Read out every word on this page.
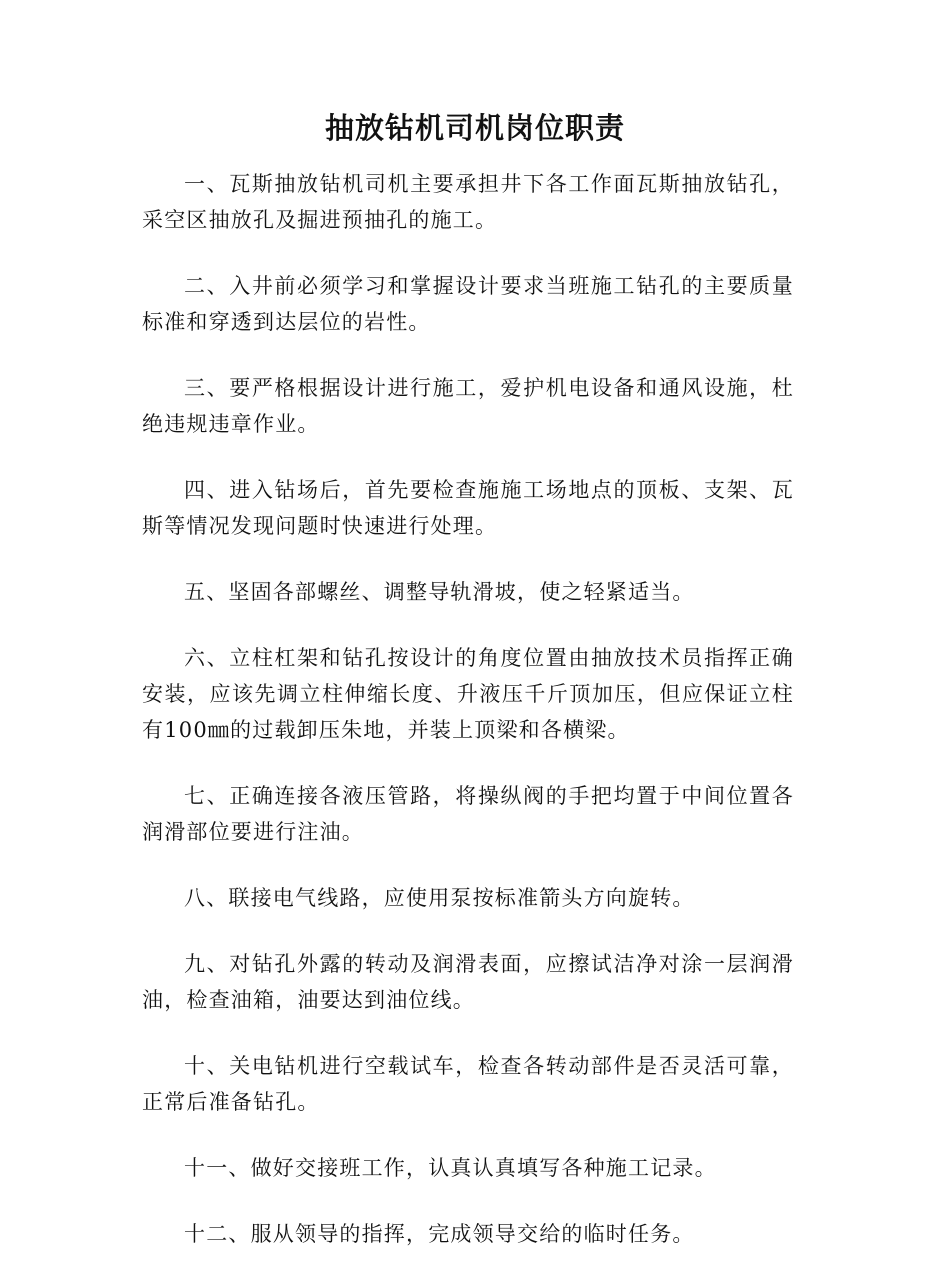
抽放钻机司机岗位职责

一、瓦斯抽放钻机司机主要承担井下各工作面瓦斯抽放钻孔，采空区抽放孔及掘进预抽孔的施工。

二、入井前必须学习和掌握设计要求当班施工钻孔的主要质量标准和穿透到达层位的岩性。

三、要严格根据设计进行施工，爱护机电设备和通风设施，杜绝违规违章作业。

四、进入钻场后，首先要检查施施工场地点的顶板、支架、瓦斯等情况发现问题时快速进行处理。

五、坚固各部螺丝、调整导轨滑坡，使之轻紧适当。

六、立柱杠架和钻孔按设计的角度位置由抽放技术员指挥正确安装，应该先调立柱伸缩长度、升液压千斤顶加压，但应保证立柱有100㎜的过载卸压朱地，并装上顶梁和各横梁。

七、正确连接各液压管路，将操纵阀的手把均置于中间位置各润滑部位要进行注油。

八、联接电气线路，应使用泵按标准箭头方向旋转。

九、对钻孔外露的转动及润滑表面，应擦试洁净对涂一层润滑油，检查油箱，油要达到油位线。

十、关电钻机进行空载试车，检查各转动部件是否灵活可靠，正常后准备钻孔。

十一、做好交接班工作，认真认真填写各种施工记录。

十二、服从领导的指挥，完成领导交给的临时任务。
